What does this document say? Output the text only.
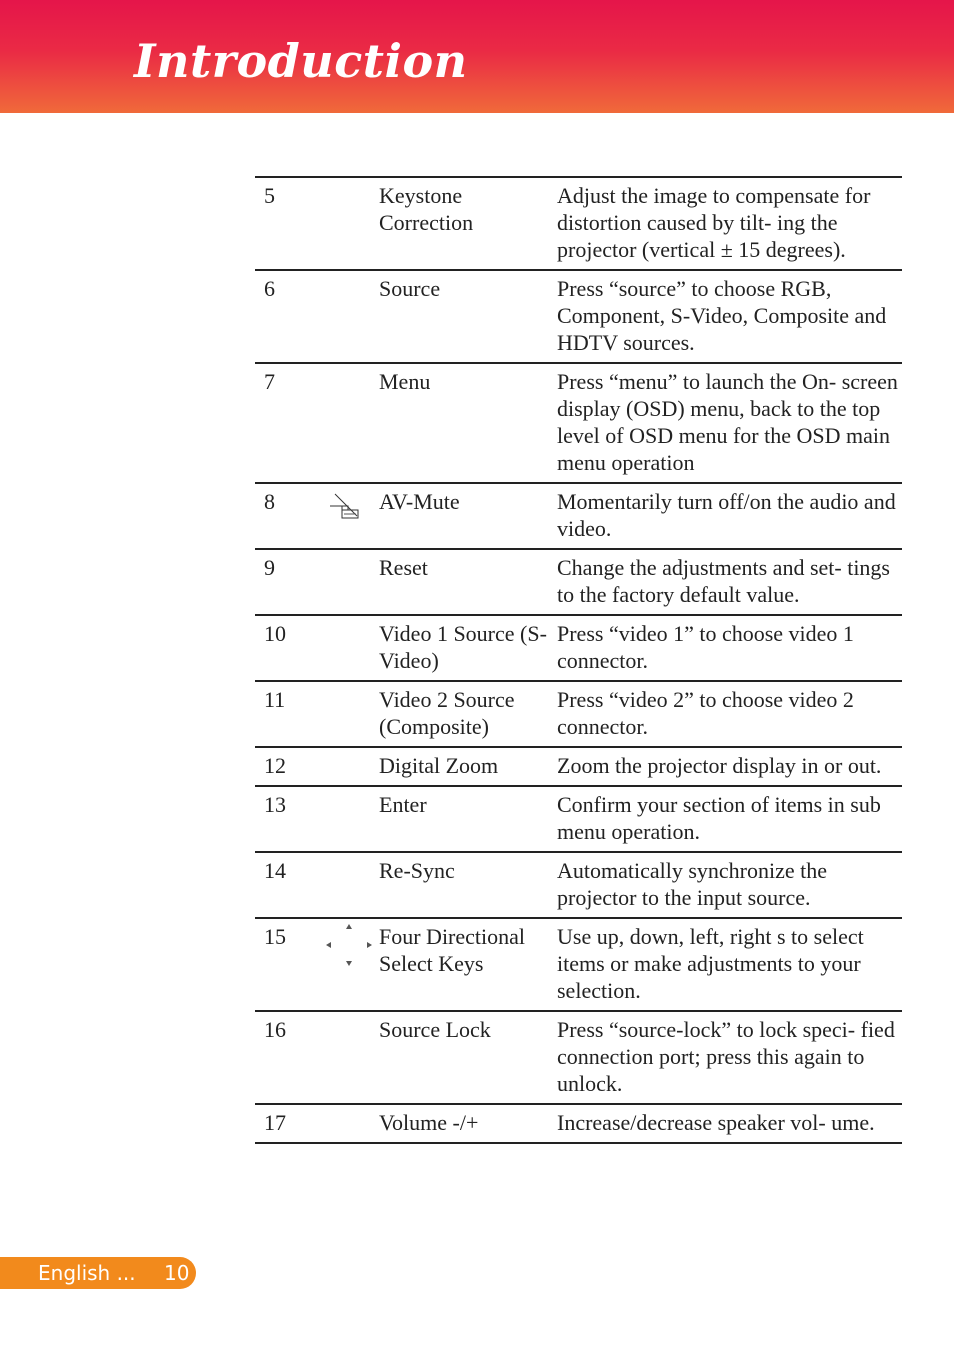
Introduction
5		Keystone Correction	Adjust the image to compensate for distortion caused by tilt- ing the projector (vertical ± 15 degrees).
6		Source	Press “source” to choose RGB, Component, S-Video, Composite and HDTV sources.
7		Menu	Press “menu” to launch the On- screen display (OSD) menu, back to the top level of OSD menu for the OSD main menu operation
8		AV-Mute	Momentarily turn off/on the audio and video.
9		Reset	Change the adjustments and set- tings to the factory default value.
10		Video 1 Source (S-Video)	Press “video 1” to choose video 1 connector.
11		Video 2 Source (Composite)	Press “video 2” to choose video 2 connector.
12		Digital Zoom	Zoom the projector display in or out.
13		Enter	Confirm your section of items in sub menu operation.
14		Re-Sync	Automatically synchronize the projector to the input source.
15		Four Directional Select Keys	Use up, down, left, right s to select items or make adjustments to your selection.
16		Source Lock	Press “source-lock” to lock speci- fied connection port; press this again to unlock.
17		Volume -/+	Increase/decrease speaker vol- ume.
English ... 10
